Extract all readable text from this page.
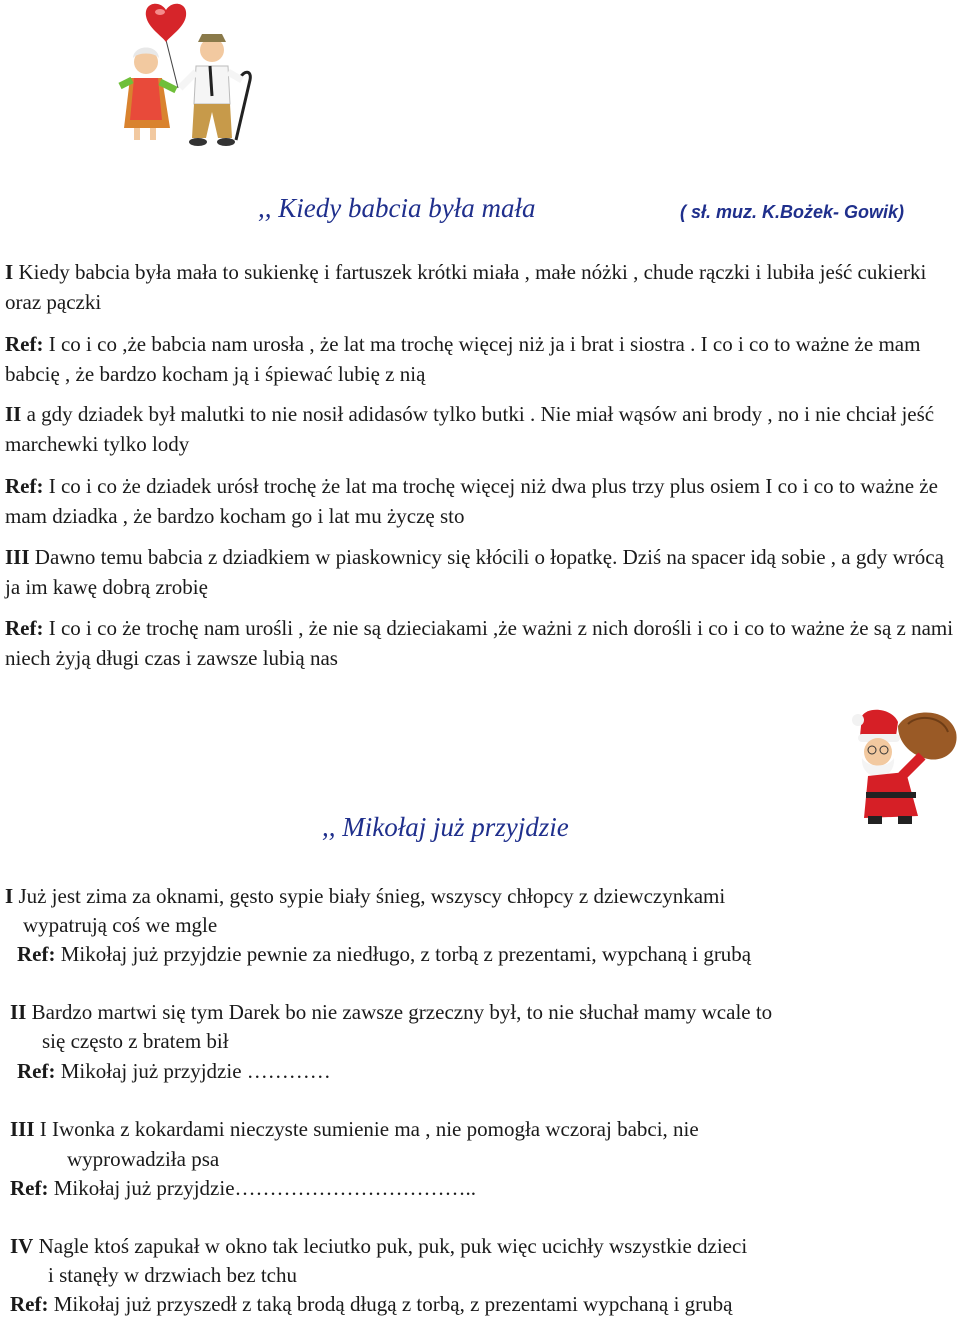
,, Kiedy babcia była mała	( sł. muz. K.Bożek- Gowik)
I Kiedy babcia była mała to sukienkę i fartuszek krótki miała , małe nóżki , chude rączki i lubiła jeść cukierki oraz pączki
Ref: I co i co ,że babcia nam urosła , że lat ma trochę więcej niż ja i brat i siostra . I co i co to ważne że mam babcię , że bardzo kocham ją i śpiewać lubię z nią
II a gdy dziadek był malutki to nie nosił adidasów tylko butki . Nie miał wąsów ani brody , no i nie chciał jeść marchewki tylko lody
Ref: I co i co że dziadek urósł trochę że lat ma trochę więcej niż dwa plus trzy plus osiem I co i co to ważne że mam dziadka , że bardzo kocham go i lat mu życzę sto
III Dawno temu babcia z dziadkiem w piaskownicy się kłócili o łopatkę. Dziś na spacer idą sobie , a gdy wrócą ja im kawę dobrą zrobię
Ref: I co i co że trochę nam urośli , że nie są dzieciakami ,że ważni z nich dorośli i co i co to ważne że są z nami niech żyją długi czas i zawsze lubią nas
,, Mikołaj już przyjdzie
I Już jest zima za oknami, gęsto sypie biały śnieg, wszyscy chłopcy z dziewczynkami
wypatrują coś we mgle
Ref: Mikołaj już przyjdzie pewnie za niedługo, z torbą z prezentami, wypchaną i grubą
II Bardzo martwi się tym Darek bo nie zawsze grzeczny był, to nie słuchał mamy wcale to
się często z bratem bił
Ref: Mikołaj już przyjdzie …………
III I Iwonka z kokardami nieczyste sumienie ma , nie pomogła wczoraj babci, nie
wyprowadziła psa
Ref: Mikołaj już przyjdzie……………………………..
IV Nagle ktoś zapukał w okno tak leciutko puk, puk, puk więc ucichły wszystkie dzieci
i stanęły w drzwiach bez tchu
Ref: Mikołaj już przyszedł z taką brodą długą z torbą, z prezentami wypchaną i grubą
